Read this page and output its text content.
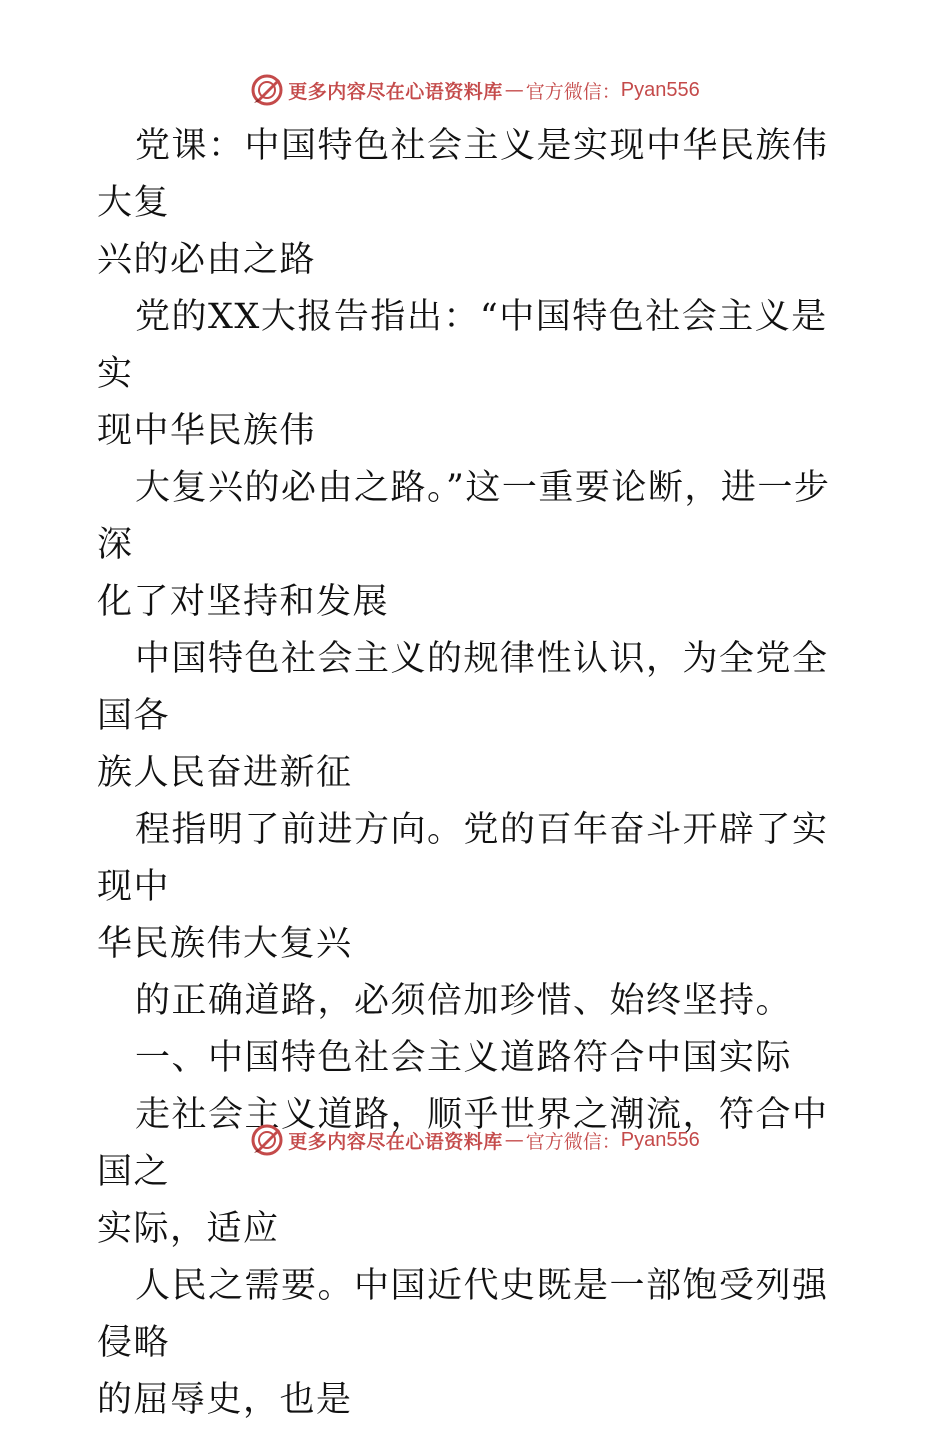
更多内容尽在心语资料库 — 官方微信： Pyan556

党课：中国特色社会主义是实现中华民族伟大复
兴的必由之路

党的XX大报告指出：“中国特色社会主义是实
现中华民族伟

大复兴的必由之路。”这一重要论断，进一步深
化了对坚持和发展

中国特色社会主义的规律性认识，为全党全国各
族人民奋进新征

程指明了前进方向。党的百年奋斗开辟了实现中
华民族伟大复兴

的正确道路，必须倍加珍惜、始终坚持。

一、中国特色社会主义道路符合中国实际

走社会主义道路，顺乎世界之潮流，符合中国之
实际，适应

人民之需要。中国近代史既是一部饱受列强侵略
的屈辱史，也是

更多内容尽在心语资料库 — 官方微信： Pyan556
